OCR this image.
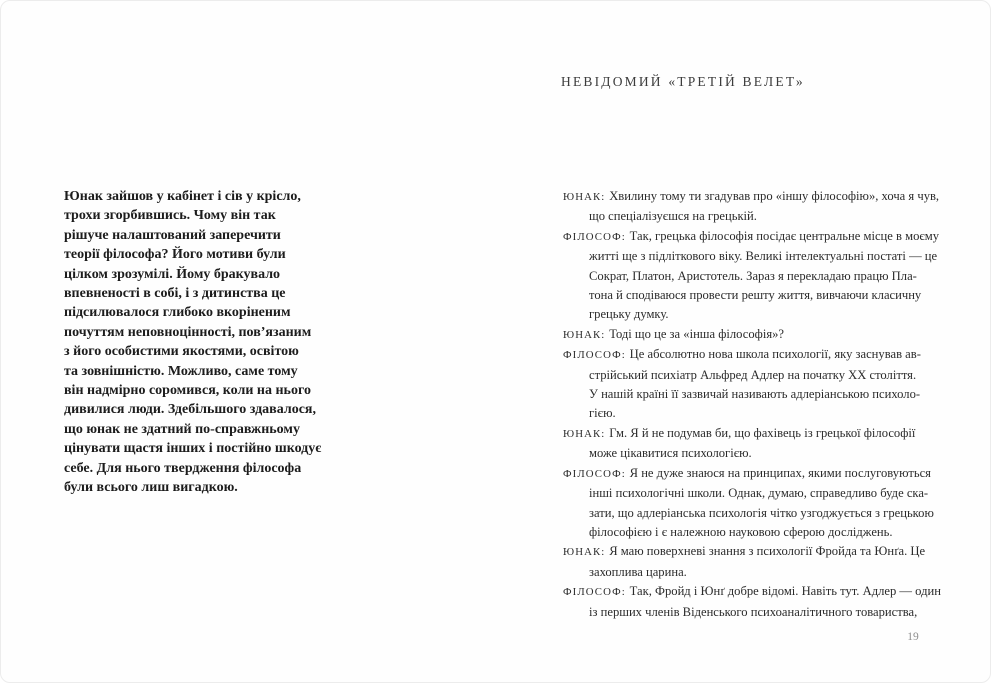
Юнак зайшов у кабінет і сів у крісло,
трохи згорбившись. Чому він так
рішуче налаштований заперечити
теорії філософа? Його мотиви були
цілком зрозумілі. Йому бракувало
впевненості в собі, і з дитинства це
підсилювалося глибоко вкоріненим
почуттям неповноцінності, пов’язаним
з його особистими якостями, освітою
та зовнішністю. Можливо, саме тому
він надмірно соромився, коли на нього
дивилися люди. Здебільшого здавалося,
що юнак не здатний по-справжньому
цінувати щастя інших і постійно шкодує
себе. Для нього твердження філософа
були всього лиш вигадкою.
НЕВІДОМИЙ «ТРЕТІЙ ВЕЛЕТ»
ЮНАК: Хвилину тому ти згадував про «іншу філософію», хоча я чув,
що спеціалізуєшся на грецькій.
ФІЛОСОФ: Так, грецька філософія посідає центральне місце в моєму
житті ще з підліткового віку. Великі інтелектуальні постаті — це
Сократ, Платон, Аристотель. Зараз я перекладаю працю Пла-
тона й сподіваюся провести решту життя, вивчаючи класичну
грецьку думку.
ЮНАК: Тоді що це за «інша філософія»?
ФІЛОСОФ: Це абсолютно нова школа психології, яку заснував ав-
стрійський психіатр Альфред Адлер на початку XX століття.
У нашій країні її зазвичай називають адлеріанською психоло-
гією.
ЮНАК: Гм. Я й не подумав би, що фахівець із грецької філософії
може цікавитися психологією.
ФІЛОСОФ: Я не дуже знаюся на принципах, якими послуговуються
інші психологічні школи. Однак, думаю, справедливо буде ска-
зати, що адлеріанська психологія чітко узгоджується з грецькою
філософією і є належною науковою сферою досліджень.
ЮНАК: Я маю поверхневі знання з психології Фройда та Юнґа. Це
захоплива царина.
ФІЛОСОФ: Так, Фройд і Юнґ добре відомі. Навіть тут. Адлер — один
із перших членів Віденського психоаналітичного товариства,
19
